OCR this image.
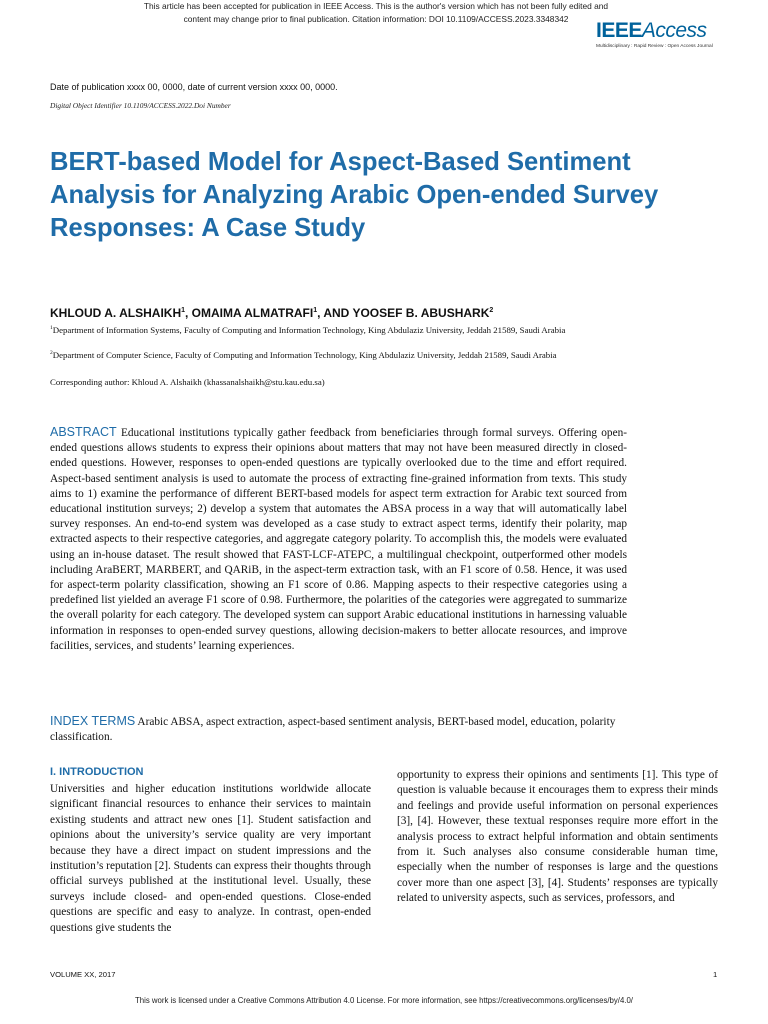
This article has been accepted for publication in IEEE Access. This is the author's version which has not been fully edited and
content may change prior to final publication. Citation information: DOI 10.1109/ACCESS.2023.3348342
IEEEAccess
Multidisciplinary : Rapid Review : Open Access Journal
Date of publication xxxx 00, 0000, date of current version xxxx 00, 0000.
Digital Object Identifier 10.1109/ACCESS.2022.Doi Number
BERT-based Model for Aspect-Based Sentiment Analysis for Analyzing Arabic Open-ended Survey Responses: A Case Study
KHLOUD A. ALSHAIKH$^1$, OMAIMA ALMATRAFI$^1$, AND YOOSEF B. ABUSHARK$^2$
$^1$Department of Information Systems, Faculty of Computing and Information Technology, King Abdulaziz University, Jeddah 21589, Saudi Arabia
$^2$Department of Computer Science, Faculty of Computing and Information Technology, King Abdulaziz University, Jeddah 21589, Saudi Arabia
Corresponding author: Khloud A. Alshaikh (khassanalshaikh@stu.kau.edu.sa)

ABSTRACT Educational institutions typically gather feedback from beneficiaries through formal surveys. Offering open-ended questions allows students to express their opinions about matters that may not have been measured directly in closed-ended questions. However, responses to open-ended questions are typically overlooked due to the time and effort required. Aspect-based sentiment analysis is used to automate the process of extracting fine-grained information from texts. This study aims to 1) examine the performance of different BERT-based models for aspect term extraction for Arabic text sourced from educational institution surveys; 2) develop a system that automates the ABSA process in a way that will automatically label survey responses. An end-to-end system was developed as a case study to extract aspect terms, identify their polarity, map extracted aspects to their respective categories, and aggregate category polarity. To accomplish this, the models were evaluated using an in-house dataset. The result showed that FAST-LCF-ATEPC, a multilingual checkpoint, outperformed other models including AraBERT, MARBERT, and QARiB, in the aspect-term extraction task, with an F1 score of 0.58. Hence, it was used for aspect-term polarity classification, showing an F1 score of 0.86. Mapping aspects to their respective categories using a predefined list yielded an average F1 score of 0.98. Furthermore, the polarities of the categories were aggregated to summarize the overall polarity for each category. The developed system can support Arabic educational institutions in harnessing valuable information in responses to open-ended survey questions, allowing decision-makers to better allocate resources, and improve facilities, services, and students’ learning experiences.

INDEX TERMS Arabic ABSA, aspect extraction, aspect-based sentiment analysis, BERT-based model, education, polarity classification.

I. INTRODUCTION

Universities and higher education institutions worldwide allocate significant financial resources to enhance their services to maintain existing students and attract new ones [1]. Student satisfaction and opinions about the university’s service quality are very important because they have a direct impact on student impressions and the institution’s reputation [2]. Students can express their thoughts through official surveys published at the institutional level. Usually, these surveys include closed- and open-ended questions. Close-ended questions are specific and easy to analyze. In contrast, open-ended questions give students the

opportunity to express their opinions and sentiments [1]. This type of question is valuable because it encourages them to express their minds and feelings and provide useful information on personal experiences [3], [4]. However, these textual responses require more effort in the analysis process to extract helpful information and obtain sentiments from it. Such analyses also consume considerable human time, especially when the number of responses is large and the questions cover more than one aspect [3], [4]. Students’ responses are typically related to university aspects, such as services, professors, and

VOLUME XX, 2017	1
This work is licensed under a Creative Commons Attribution 4.0 License. For more information, see https://creativecommons.org/licenses/by/4.0/
